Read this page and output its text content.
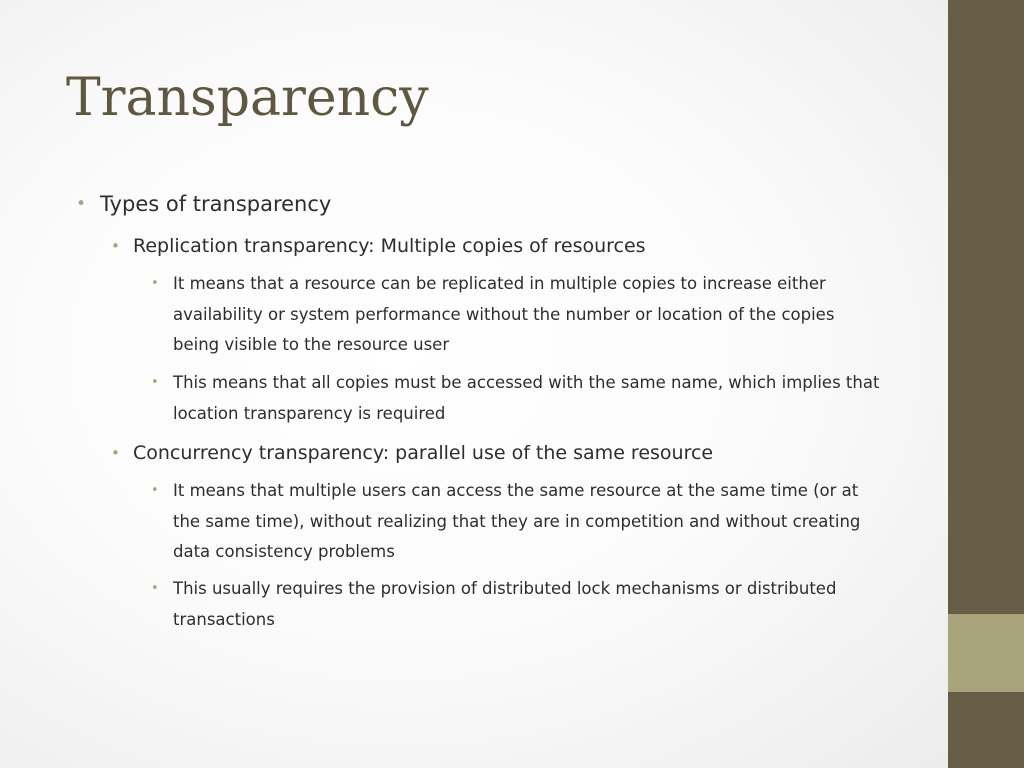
Transparency
• Types of transparency
• Replication transparency: Multiple copies of resources
• It means that a resource can be replicated in multiple copies to increase either availability or system performance without the number or location of the copies being visible to the resource user
• This means that all copies must be accessed with the same name, which implies that location transparency is required
• Concurrency transparency: parallel use of the same resource
• It means that multiple users can access the same resource at the same time (or at the same time), without realizing that they are in competition and without creating data consistency problems
• This usually requires the provision of distributed lock mechanisms or distributed transactions
